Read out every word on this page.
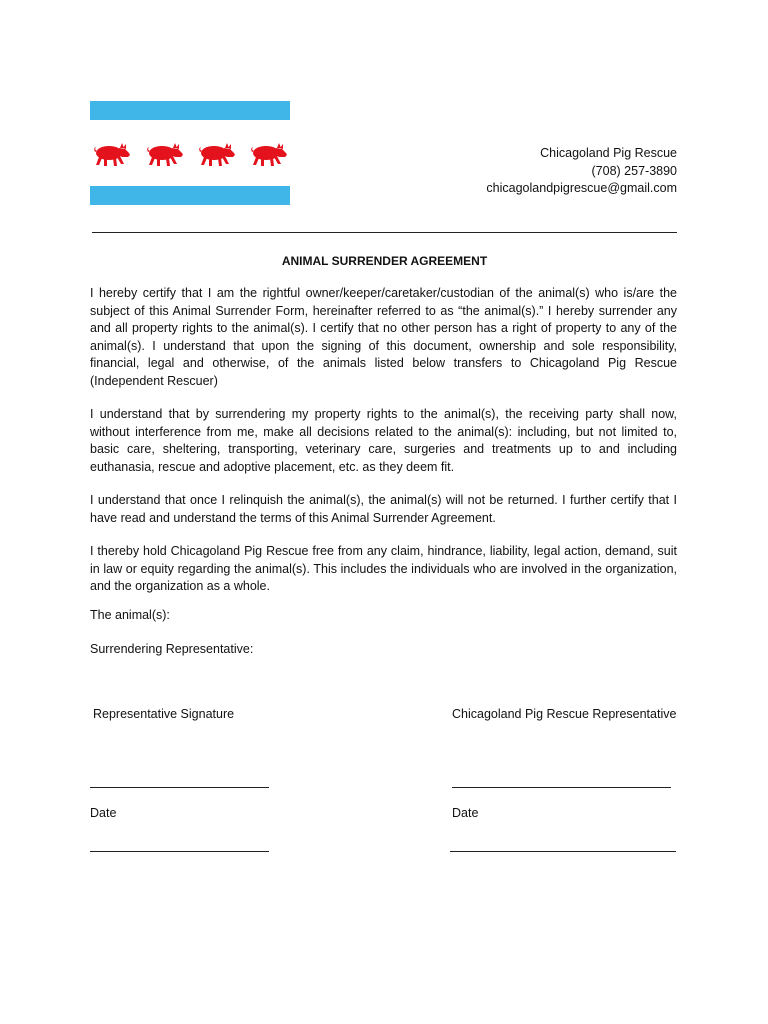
Chicagoland Pig Rescue
(708) 257-3890
chicagolandpigrescue@gmail.com
ANIMAL SURRENDER AGREEMENT

I hereby certify that I am the rightful owner/keeper/caretaker/custodian of the animal(s) who is/are the subject of this Animal Surrender Form, hereinafter referred to as “the animal(s).” I hereby surrender any and all property rights to the animal(s). I certify that no other person has a right of property to any of the animal(s). I understand that upon the signing of this document, ownership and sole responsibility, financial, legal and otherwise, of the animals listed below transfers to Chicagoland Pig Rescue (Independent Rescuer)

I understand that by surrendering my property rights to the animal(s), the receiving party shall now, without interference from me, make all decisions related to the animal(s): including, but not limited to, basic care, sheltering, transporting, veterinary care, surgeries and treatments up to and including euthanasia, rescue and adoptive placement, etc. as they deem fit.

I understand that once I relinquish the animal(s), the animal(s) will not be returned. I further certify that I have read and understand the terms of this Animal Surrender Agreement.

I thereby hold Chicagoland Pig Rescue free from any claim, hindrance, liability, legal action, demand, suit in law or equity regarding the animal(s). This includes the individuals who are involved in the organization, and the organization as a whole.

The animal(s):
Surrendering Representative:
Representative Signature	Chicagoland Pig Rescue Representative
Date	Date
